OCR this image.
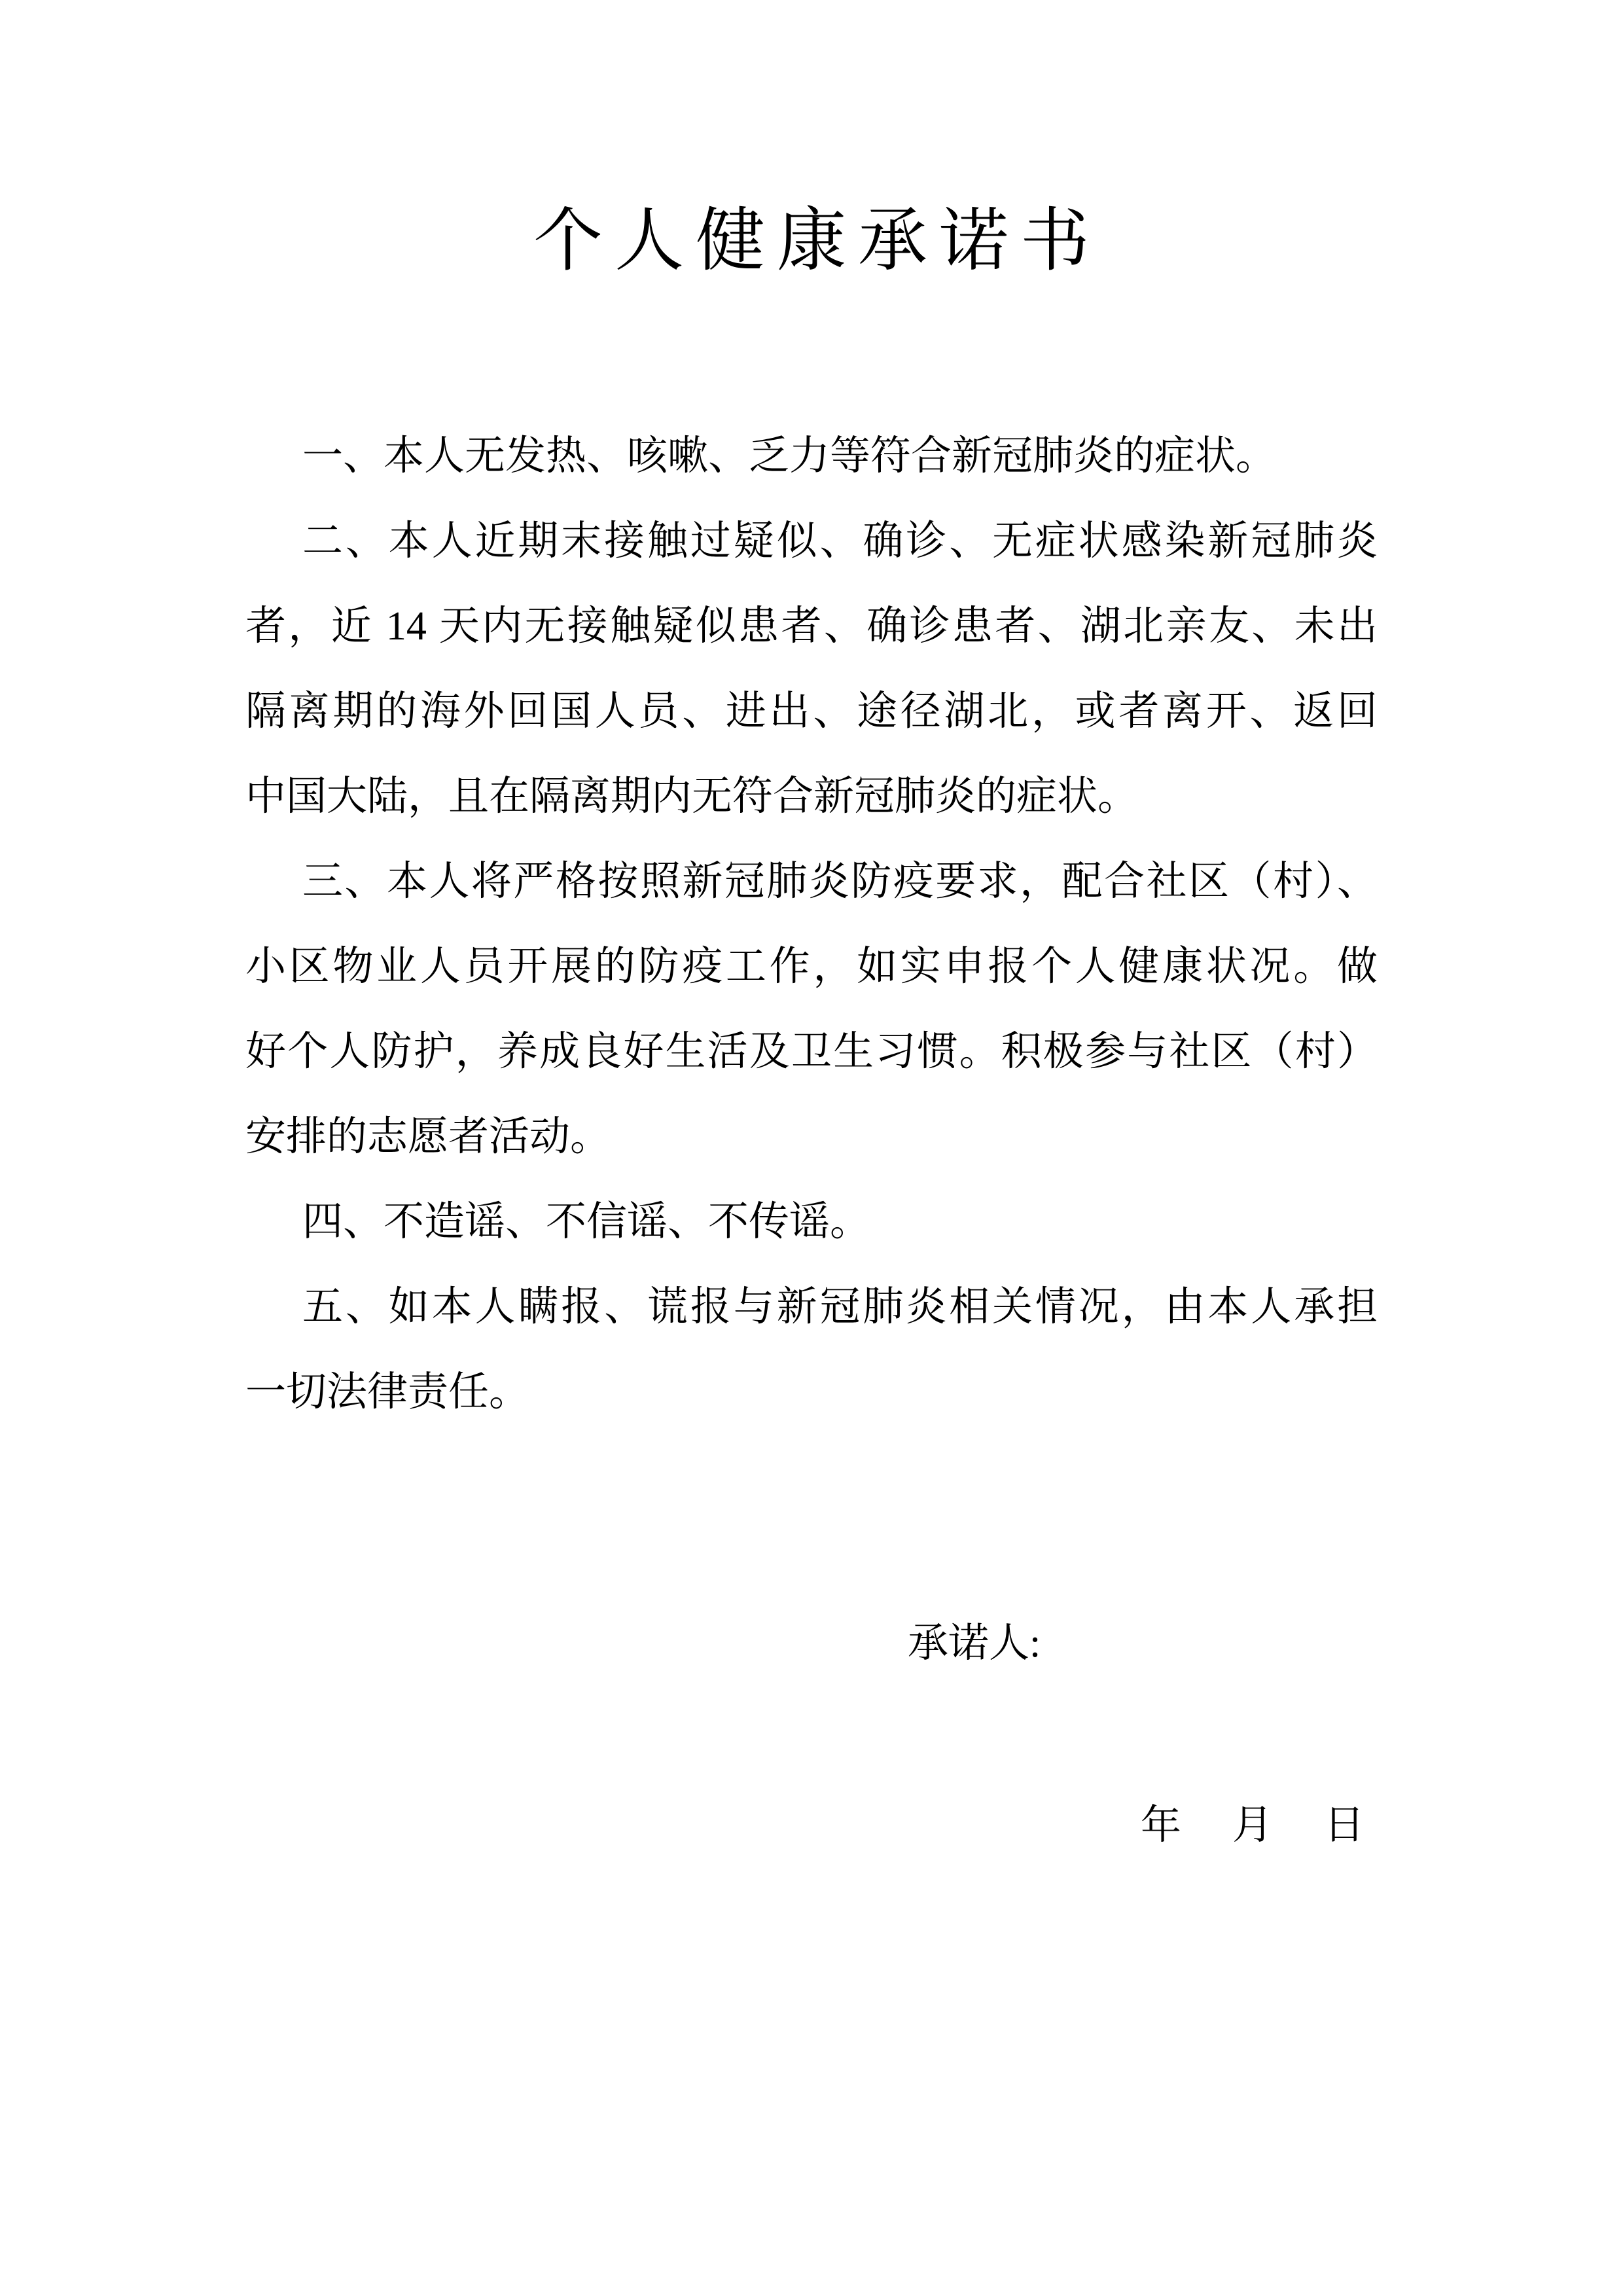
个人健康承诺书
一、本人无发热、咳嗽、乏力等符合新冠肺炎的症状。
二、本人近期末接触过疑似、确诊、无症状感染新冠肺炎
者，近 14 天内无接触疑似患者、确诊患者、湖北亲友、未出
隔离期的海外回国人员、进出、途径湖北，或者离开、返回
中国大陆，且在隔离期内无符合新冠肺炎的症状。
三、本人将严格按照新冠肺炎防疫要求，配合社区（村）、
小区物业人员开展的防疫工作，如实申报个人健康状况。做
好个人防护，养成良好生活及卫生习惯。积极参与社区（村）
安排的志愿者活动。
四、不造谣、不信谣、不传谣。
五、如本人瞒报、谎报与新冠肺炎相关情况，由本人承担
一切法律责任。
承诺人:
年　月　日
